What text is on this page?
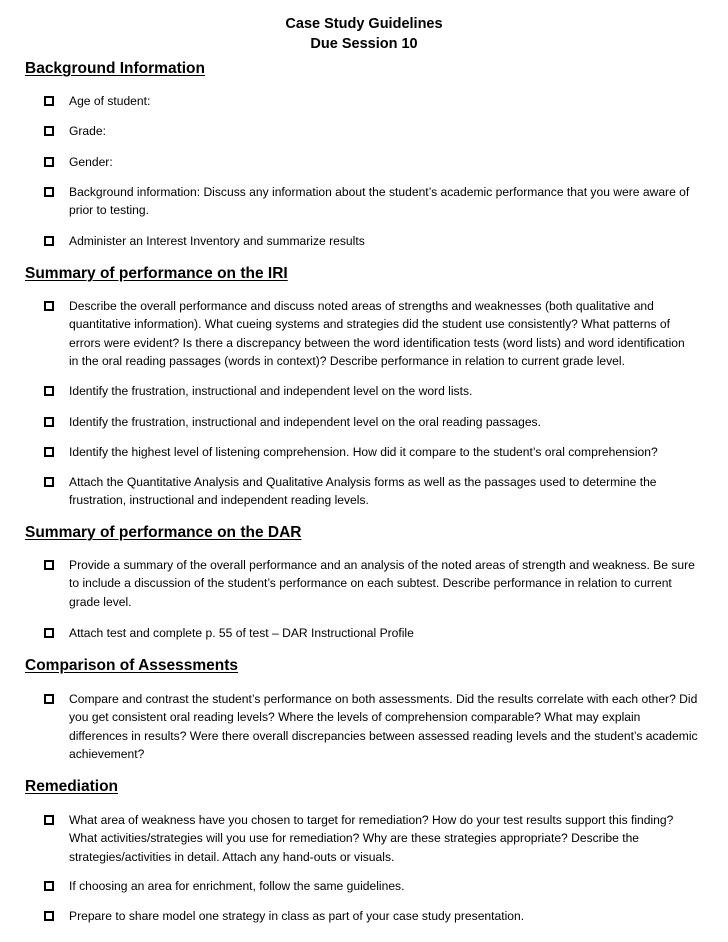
Case Study Guidelines
Due Session 10
Background Information
Age of student:
Grade:
Gender:
Background information: Discuss any information about the student’s academic performance that you were aware of
prior to testing.
Administer an Interest Inventory and summarize results
Summary of performance on the IRI
Describe the overall performance and discuss noted areas of strengths and weaknesses (both qualitative and
quantitative information). What cueing systems and strategies did the student use consistently? What patterns of
errors were evident? Is there a discrepancy between the word identification tests (word lists) and word identification
in the oral reading passages (words in context)? Describe performance in relation to current grade level.
Identify the frustration, instructional and independent level on the word lists.
Identify the frustration, instructional and independent level on the oral reading passages.
Identify the highest level of listening comprehension. How did it compare to the student’s oral comprehension?
Attach the Quantitative Analysis and Qualitative Analysis forms as well as the passages used to determine the
frustration, instructional and independent reading levels.
Summary of performance on the DAR
Provide a summary of the overall performance and an analysis of the noted areas of strength and weakness. Be sure
to include a discussion of the student’s performance on each subtest. Describe performance in relation to current
grade level.
Attach test and complete p. 55 of test – DAR Instructional Profile
Comparison of Assessments
Compare and contrast the student’s performance on both assessments. Did the results correlate with each other? Did
you get consistent oral reading levels? Where the levels of comprehension comparable? What may explain
differences in results? Were there overall discrepancies between assessed reading levels and the student’s academic
achievement?
Remediation
What area of weakness have you chosen to target for remediation? How do your test results support this finding?
What activities/strategies will you use for remediation? Why are these strategies appropriate? Describe the
strategies/activities in detail. Attach any hand-outs or visuals.
If choosing an area for enrichment, follow the same guidelines.
Prepare to share model one strategy in class as part of your case study presentation.
